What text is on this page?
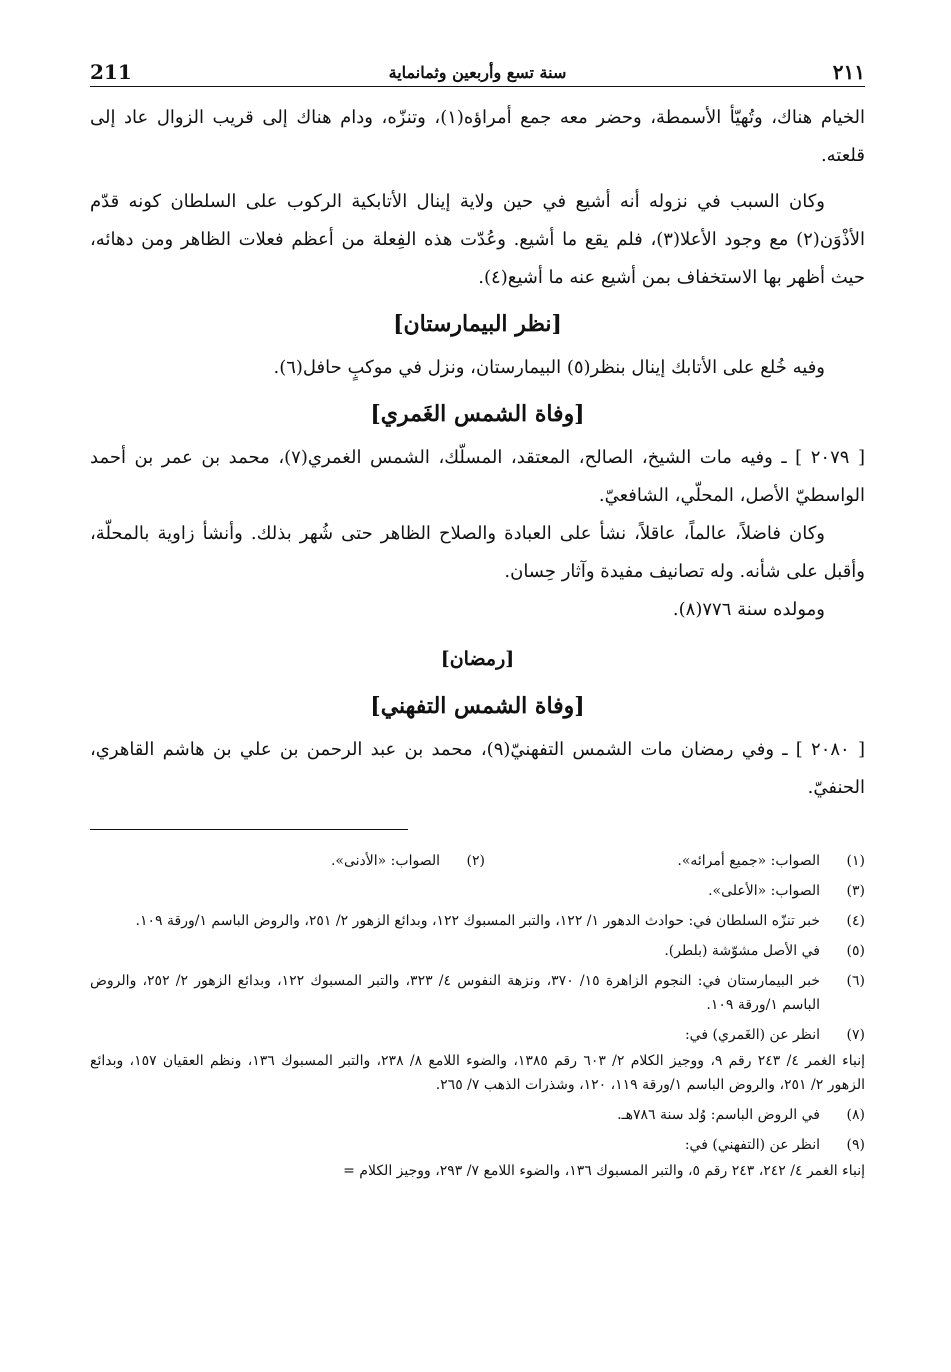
٢١١
سنة تسع وأربعين وثمانماية
211

الخيام هناك، وتُهيّأ الأسمطة، وحضر معه جمع أمراؤه(١)، وتنزّه، ودام هناك إلى قريب الزوال عاد إلى قلعته.

وكان السبب في نزوله أنه أشيع في حين ولاية إينال الأتابكية الركوب على السلطان كونه قدّم الأذْوَن(٢) مع وجود الأعلا(٣)، فلم يقع ما أشيع. وعُدّت هذه الفِعلة من أعظم فعلات الظاهر ومن دهائه، حيث أظهر بها الاستخفاف بمن أشيع عنه ما أشيع(٤).

[نظر البيمارستان]

وفيه خُلع على الأتابك إينال بنظر(٥) البيمارستان، ونزل في موكبٍ حافل(٦).

[وفاة الشمس الغَمري]

[ ٢٠٧٩ ] ـ وفيه مات الشيخ، الصالح، المعتقد، المسلّك، الشمس الغمري(٧)، محمد بن عمر بن أحمد الواسطيّ الأصل، المحلّي، الشافعيّ.

وكان فاضلاً، عالماً، عاقلاً، نشأ على العبادة والصلاح الظاهر حتى شُهر بذلك. وأنشأ زاوية بالمحلّة، وأقبل على شأنه. وله تصانيف مفيدة وآثار حِسان.

ومولده سنة ٧٧٦(٨).

[رمضان]
[وفاة الشمس التفهني]

[ ٢٠٨٠ ] ـ وفي رمضان مات الشمس التفهنيّ(٩)، محمد بن عبد الرحمن بن علي بن هاشم القاهري، الحنفيّ.

(١)
الصواب: «جميع أمرائه».
(٢)
الصواب: «الأدنى».
(٣)
الصواب: «الأعلى».
(٤)
خبر تنزّه السلطان في: حوادث الدهور ١/ ١٢٢، والتبر المسبوك ١٢٢، وبدائع الزهور ٢/ ٢٥١، والروض الباسم ١/ورقة ١٠٩.
(٥)
في الأصل مشوّشة (بلطر).
(٦)
خبر البيمارستان في: النجوم الزاهرة ١٥/ ٣٧٠، ونزهة النفوس ٤/ ٣٢٣، والتبر المسبوك ١٢٢، وبدائع الزهور ٢/ ٢٥٢، والروض الباسم ١/ورقة ١٠٩.
(٧)
انظر عن (الغَمري) في:
إنباء الغمر ٤/ ٢٤٣ رقم ٩، ووجيز الكلام ٢/ ٦٠٣ رقم ١٣٨٥، والضوء اللامع ٨/ ٢٣٨، والتبر المسبوك ١٣٦، ونظم العقيان ١٥٧، وبدائع الزهور ٢/ ٢٥١، والروض الباسم ١/ورقة ١١٩، ١٢٠، وشذرات الذهب ٧/ ٢٦٥.
(٨)
في الروض الباسم: وُلد سنة ٧٨٦هـ.
(٩)
انظر عن (التفهني) في:
إنباء الغمر ٤/ ٢٤٢، ٢٤٣ رقم ٥، والتبر المسبوك ١٣٦، والضوء اللامع ٧/ ٢٩٣، ووجيز الكلام =
